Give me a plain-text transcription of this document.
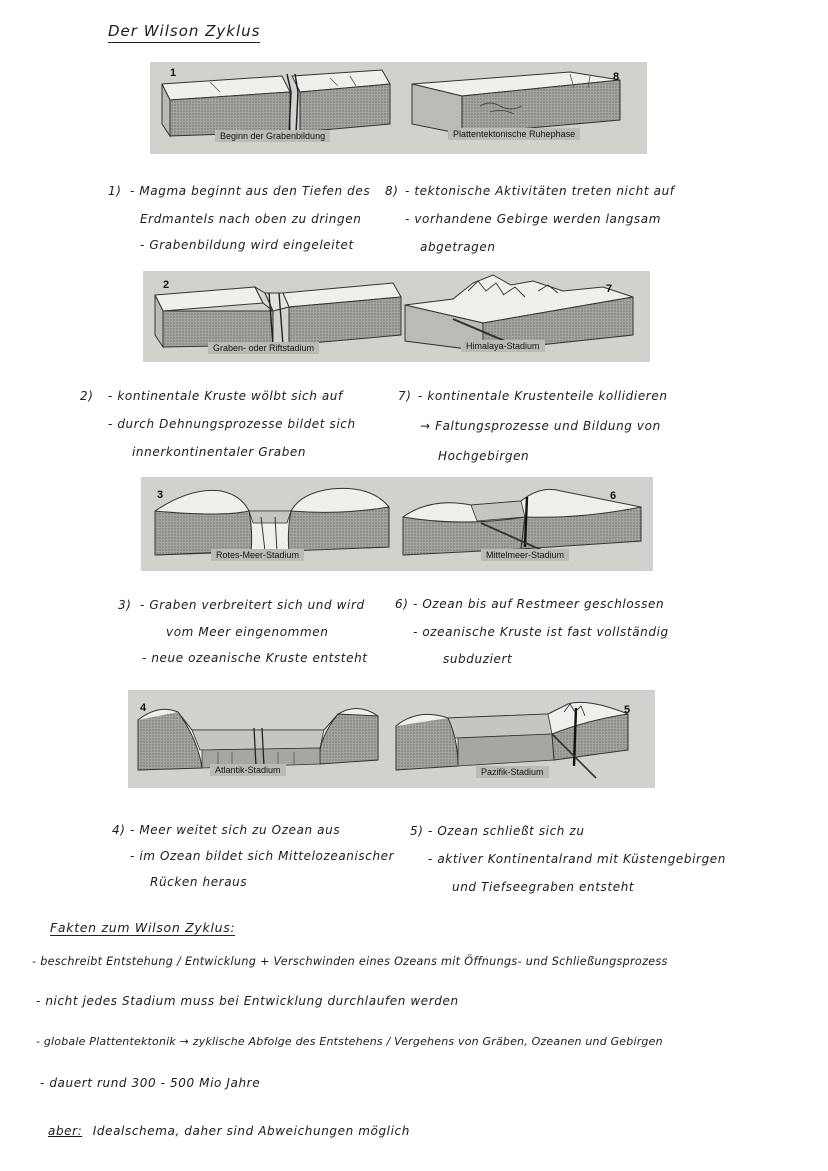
Der Wilson Zyklus
1	8
Beginn der Grabenbildung	Plattentektonische Ruhephase
1) - Magma beginnt aus den Tiefen des
Erdmantels nach oben zu dringen
- Grabenbildung wird eingeleitet
8) - tektonische Aktivitäten treten nicht auf
- vorhandene Gebirge werden langsam
abgetragen
2	7
Graben- oder Riftstadium	Himalaya-Stadium
2) - kontinentale Kruste wölbt sich auf
- durch Dehnungsprozesse bildet sich
innerkontinentaler Graben
7) - kontinentale Krustenteile kollidieren
→ Faltungsprozesse und Bildung von
Hochgebirgen
3	6
Rotes-Meer-Stadium	Mittelmeer-Stadium
3) - Graben verbreitert sich und wird
vom Meer eingenommen
- neue ozeanische Kruste entsteht
6) - Ozean bis auf Restmeer geschlossen
- ozeanische Kruste ist fast vollständig
subduziert
4	5
Atlantik-Stadium	Pazifik-Stadium
4) - Meer weitet sich zu Ozean aus
- im Ozean bildet sich Mittelozeanischer
Rücken heraus
5) - Ozean schließt sich zu
- aktiver Kontinentalrand mit Küstengebirgen
und Tiefseegraben entsteht
Fakten zum Wilson Zyklus:
- beschreibt Entstehung / Entwicklung + Verschwinden eines Ozeans mit Öffnungs- und Schließungsprozess
- nicht jedes Stadium muss bei Entwicklung durchlaufen werden
- globale Plattentektonik → zyklische Abfolge des Entstehens / Vergehens von Gräben, Ozeanen und Gebirgen
- dauert rund 300 - 500 Mio Jahre
aber: Idealschema, daher sind Abweichungen möglich
